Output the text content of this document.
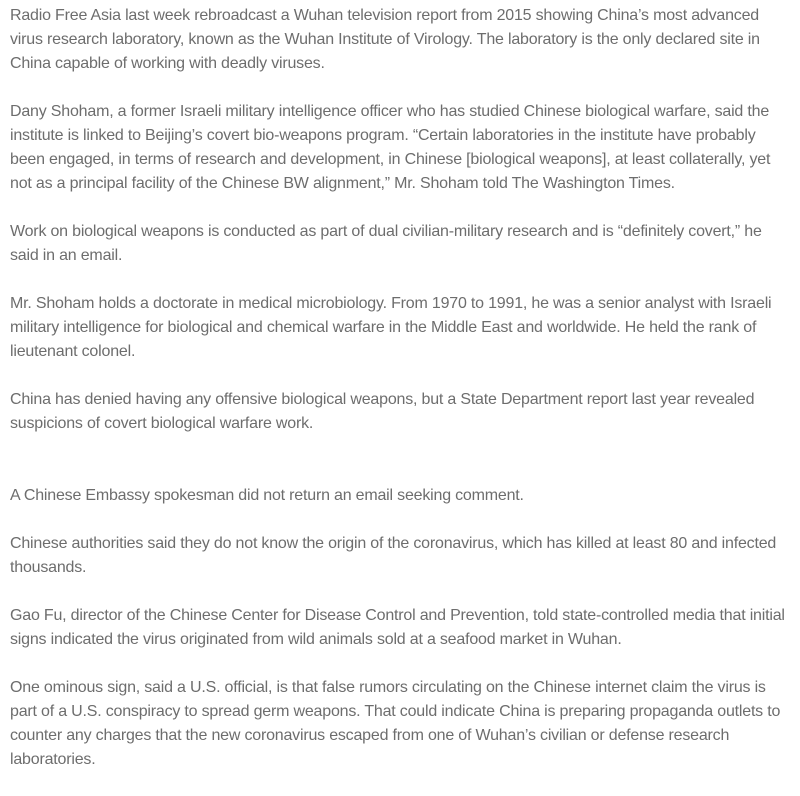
Radio Free Asia last week rebroadcast a Wuhan television report from 2015 showing China’s most advanced virus research laboratory, known as the Wuhan Institute of Virology. The laboratory is the only declared site in China capable of working with deadly viruses.

Dany Shoham, a former Israeli military intelligence officer who has studied Chinese biological warfare, said the institute is linked to Beijing’s covert bio-weapons program. “Certain laboratories in the institute have probably been engaged, in terms of research and development, in Chinese [biological weapons], at least collaterally, yet not as a principal facility of the Chinese BW alignment,” Mr. Shoham told The Washington Times.

Work on biological weapons is conducted as part of dual civilian-military research and is “definitely covert,” he said in an email.

Mr. Shoham holds a doctorate in medical microbiology. From 1970 to 1991, he was a senior analyst with Israeli military intelligence for biological and chemical warfare in the Middle East and worldwide. He held the rank of lieutenant colonel.

China has denied having any offensive biological weapons, but a State Department report last year revealed suspicions of covert biological warfare work.

A Chinese Embassy spokesman did not return an email seeking comment.

Chinese authorities said they do not know the origin of the coronavirus, which has killed at least 80 and infected thousands.

Gao Fu, director of the Chinese Center for Disease Control and Prevention, told state-controlled media that initial signs indicated the virus originated from wild animals sold at a seafood market in Wuhan.

One ominous sign, said a U.S. official, is that false rumors circulating on the Chinese internet claim the virus is part of a U.S. conspiracy to spread germ weapons. That could indicate China is preparing propaganda outlets to counter any charges that the new coronavirus escaped from one of Wuhan’s civilian or defense research laboratories.
